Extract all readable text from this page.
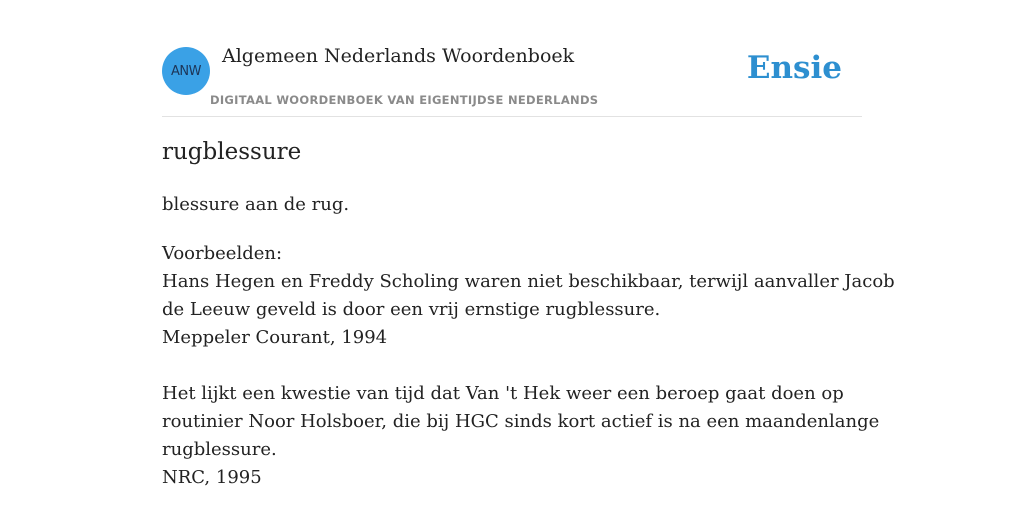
ANW
Algemeen Nederlands Woordenboek
DIGITAAL WOORDENBOEK VAN EIGENTIJDSE NEDERLANDS
Ensie
rugblessure
blessure aan de rug.
Voorbeelden:
Hans Hegen en Freddy Scholing waren niet beschikbaar, terwijl aanvaller Jacob
de Leeuw geveld is door een vrij ernstige rugblessure.
Meppeler Courant, 1994
Het lijkt een kwestie van tijd dat Van 't Hek weer een beroep gaat doen op
routinier Noor Holsboer, die bij HGC sinds kort actief is na een maandenlange
rugblessure.
NRC, 1995
